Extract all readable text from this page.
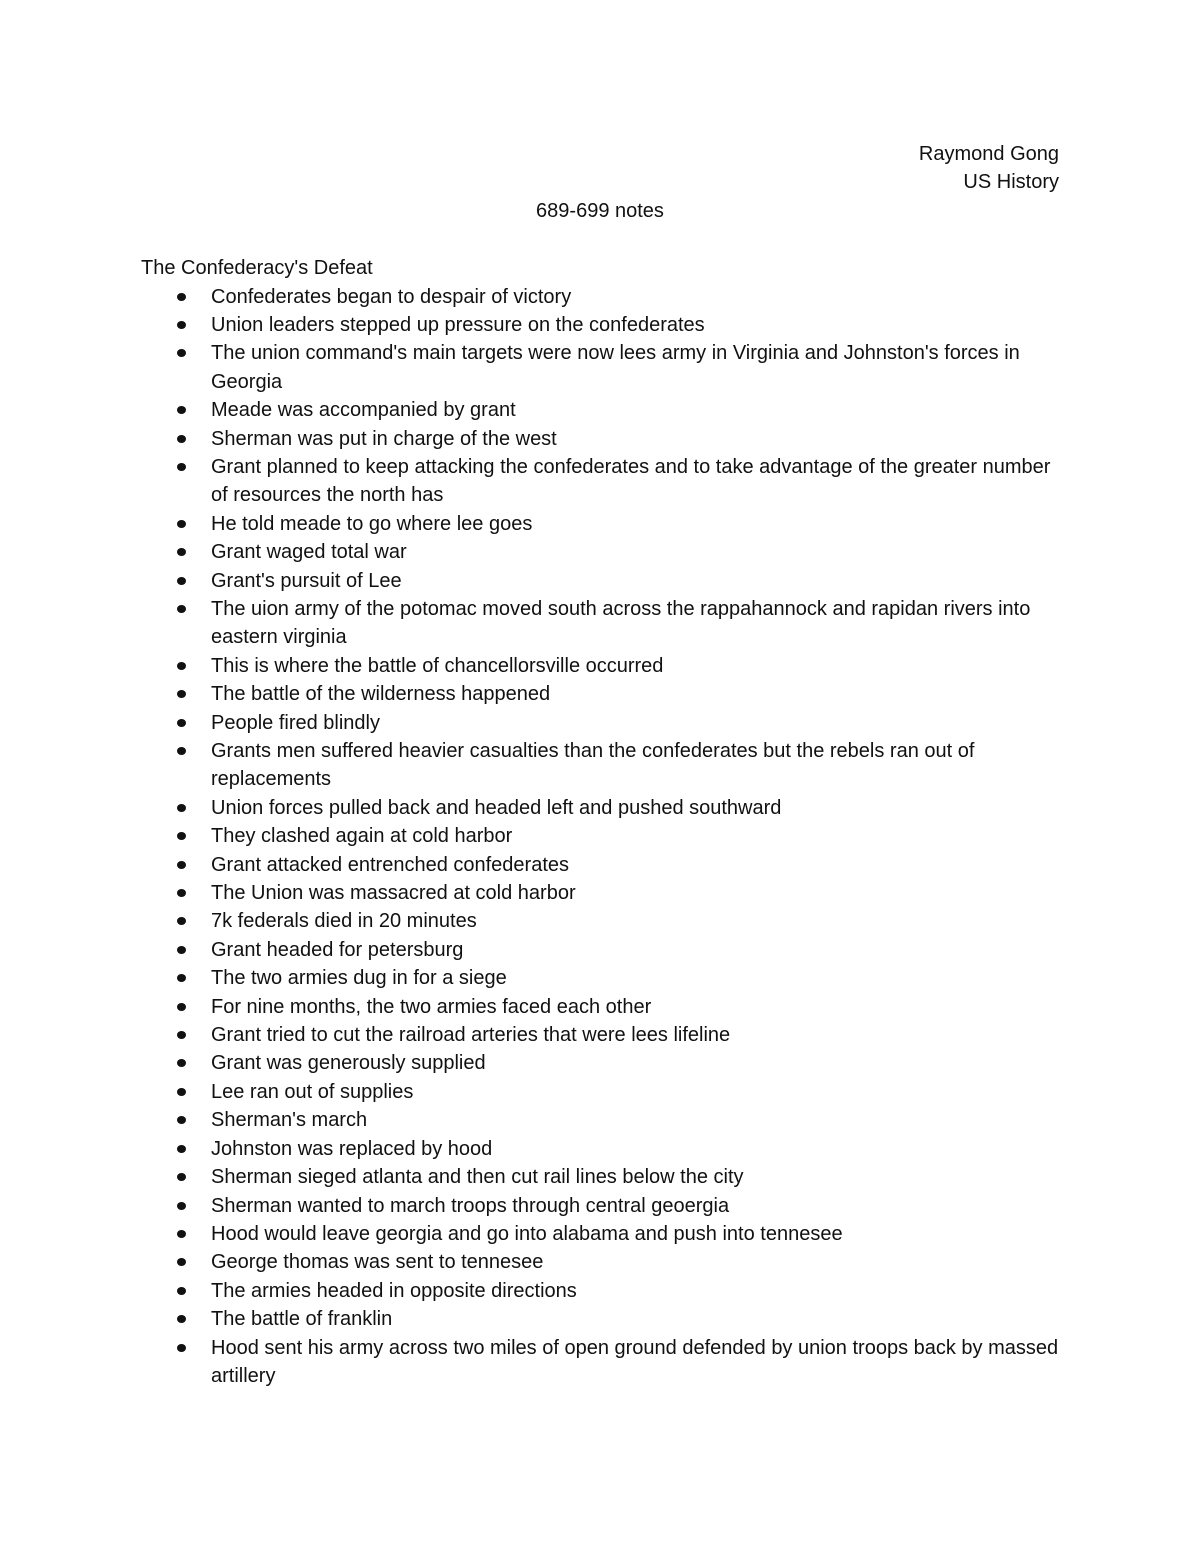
Raymond Gong
US History
689-699 notes
The Confederacy's Defeat
Confederates began to despair of victory
Union leaders stepped up pressure on the confederates
The union command's main targets were now lees army in Virginia and Johnston's forces in Georgia
Meade was accompanied by grant
Sherman was put in charge of the west
Grant planned to keep attacking the confederates and to take advantage of the greater number of resources the north has
He told meade to go where lee goes
Grant waged total war
Grant's pursuit of Lee
The uion army of the potomac moved south across the rappahannock and rapidan rivers into eastern virginia
This is where the battle of chancellorsville occurred
The battle of the wilderness happened
People fired blindly
Grants men suffered heavier casualties than the confederates but the rebels ran out of replacements
Union forces pulled back and headed left and pushed southward
They clashed again at cold harbor
Grant attacked entrenched confederates
The Union was massacred at cold harbor
7k federals died in 20 minutes
Grant headed for petersburg
The two armies dug in for a siege
For nine months, the two armies faced each other
Grant tried to cut the railroad arteries that were lees lifeline
Grant was generously supplied
Lee ran out of supplies
Sherman's march
Johnston was replaced by hood
Sherman sieged atlanta and then cut rail lines below the city
Sherman wanted to march troops through central geoergia
Hood would leave georgia and go into alabama and push into tennesee
George thomas was sent to tennesee
The armies headed in opposite directions
The battle of franklin
Hood sent his army across two miles of open ground defended by union troops back by massed artillery
